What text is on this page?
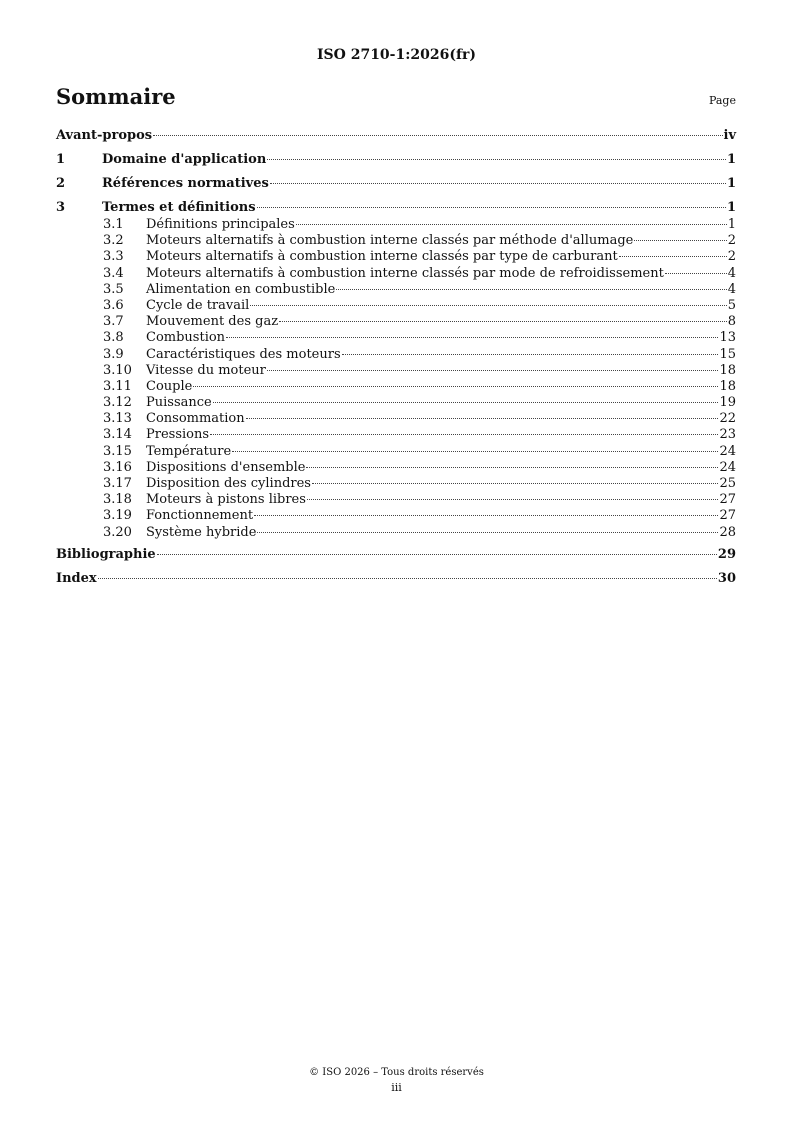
ISO 2710-1:2026(fr)
Sommaire	Page
Avant-propos	iv
1	Domaine d'application	1
2	Références normatives	1
3	Termes et définitions	1
3.1	Définitions principales	1
3.2	Moteurs alternatifs à combustion interne classés par méthode d'allumage	2
3.3	Moteurs alternatifs à combustion interne classés par type de carburant	2
3.4	Moteurs alternatifs à combustion interne classés par mode de refroidissement	4
3.5	Alimentation en combustible	4
3.6	Cycle de travail	5
3.7	Mouvement des gaz	8
3.8	Combustion	13
3.9	Caractéristiques des moteurs	15
3.10	Vitesse du moteur	18
3.11	Couple	18
3.12	Puissance	19
3.13	Consommation	22
3.14	Pressions	23
3.15	Température	24
3.16	Dispositions d'ensemble	24
3.17	Disposition des cylindres	25
3.18	Moteurs à pistons libres	27
3.19	Fonctionnement	27
3.20	Système hybride	28
Bibliographie	29
Index	30
© ISO 2026 – Tous droits réservés
iii
